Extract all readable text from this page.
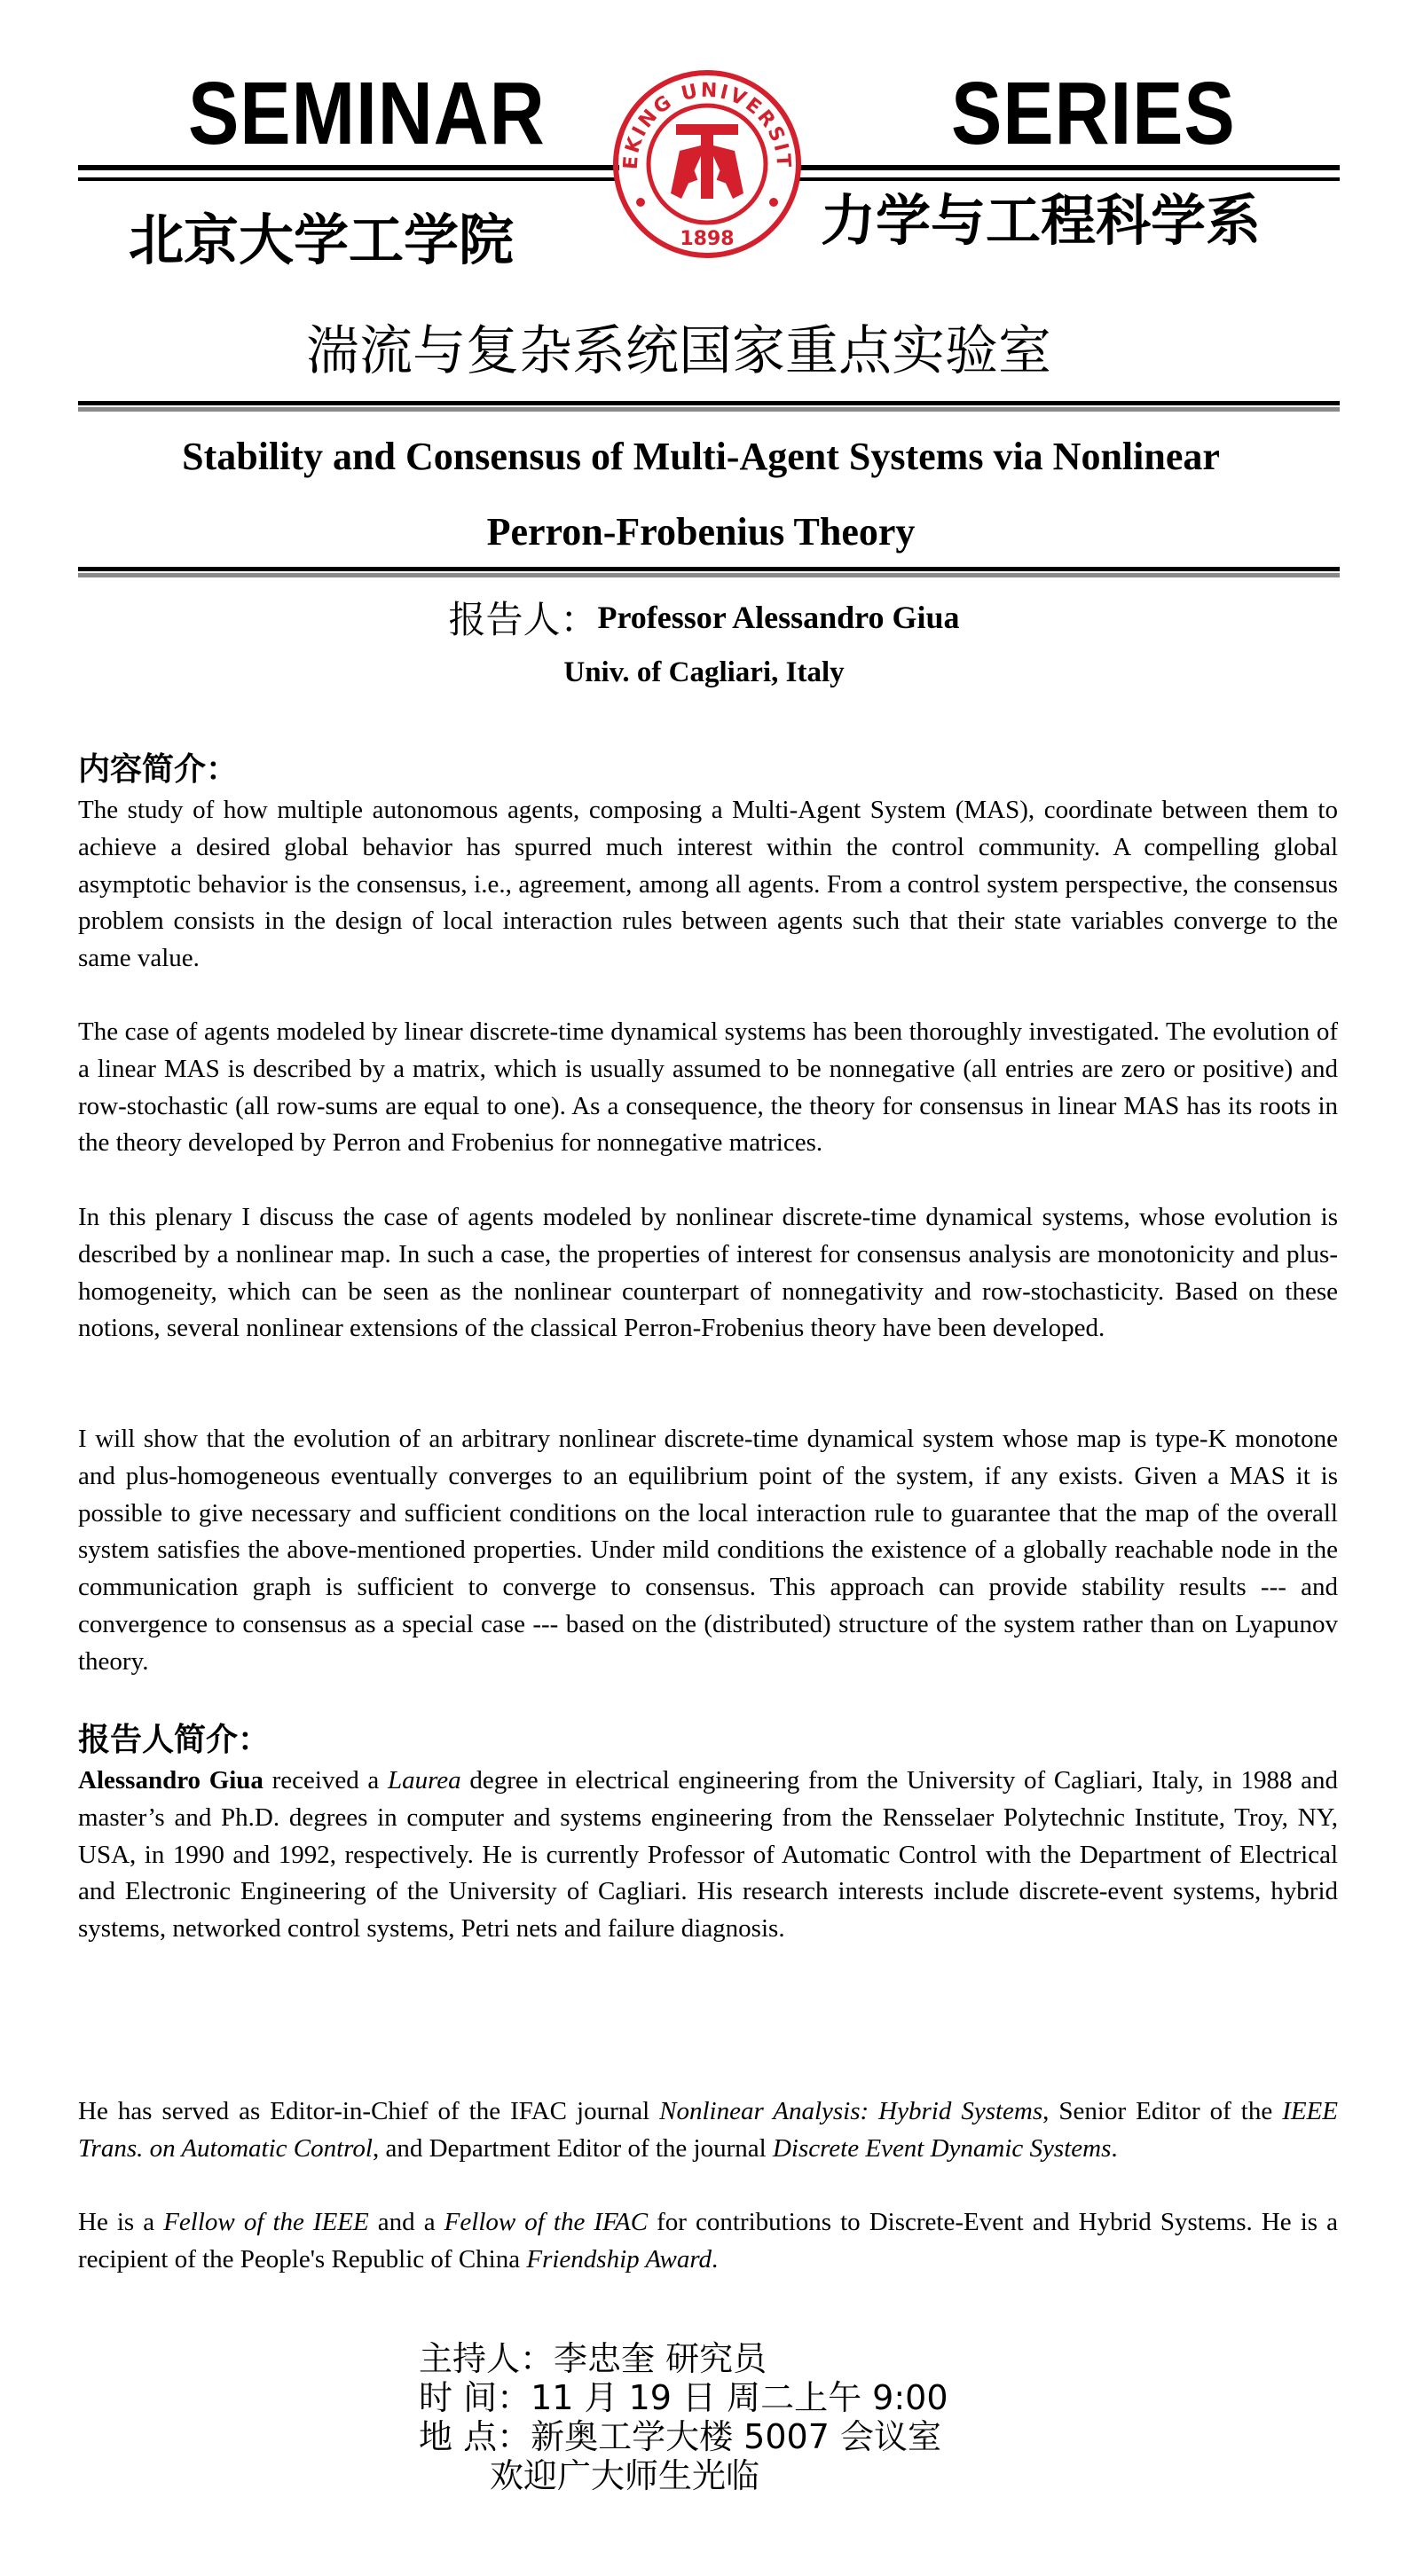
SEMINAR	SERIES
EKING UNIVERSIT
1898
北京大学工学院	力学与工程科学系
湍流与复杂系统国家重点实验室
Stability and Consensus of Multi-Agent Systems via Nonlinear
Perron-Frobenius Theory
报告人：Professor Alessandro Giua
Univ. of Cagliari, Italy
内容简介：
The study of how multiple autonomous agents, composing a Multi-Agent System (MAS), coordinate between them to achieve a desired global behavior has spurred much interest within the control community. A compelling global asymptotic behavior is the consensus, i.e., agreement, among all agents. From a control system perspective, the consensus problem consists in the design of local interaction rules between agents such that their state variables converge to the same value.
The case of agents modeled by linear discrete-time dynamical systems has been thoroughly investigated. The evolution of a linear MAS is described by a matrix, which is usually assumed to be nonnegative (all entries are zero or positive) and row-stochastic (all row-sums are equal to one). As a consequence, the theory for consensus in linear MAS has its roots in the theory developed by Perron and Frobenius for nonnegative matrices.
In this plenary I discuss the case of agents modeled by nonlinear discrete-time dynamical systems, whose evolution is described by a nonlinear map. In such a case, the properties of interest for consensus analysis are monotonicity and plus-homogeneity, which can be seen as the nonlinear counterpart of nonnegativity and row-stochasticity. Based on these notions, several nonlinear extensions of the classical Perron-Frobenius theory have been developed.
I will show that the evolution of an arbitrary nonlinear discrete-time dynamical system whose map is type-K monotone and plus-homogeneous eventually converges to an equilibrium point of the system, if any exists. Given a MAS it is possible to give necessary and sufficient conditions on the local interaction rule to guarantee that the map of the overall system satisfies the above-mentioned properties. Under mild conditions the existence of a globally reachable node in the communication graph is sufficient to converge to consensus. This approach can provide stability results --- and convergence to consensus as a special case --- based on the (distributed) structure of the system rather than on Lyapunov theory.
报告人简介：
Alessandro Giua received a Laurea degree in electrical engineering from the University of Cagliari, Italy, in 1988 and master’s and Ph.D. degrees in computer and systems engineering from the Rensselaer Polytechnic Institute, Troy, NY, USA, in 1990 and 1992, respectively. He is currently Professor of Automatic Control with the Department of Electrical and Electronic Engineering of the University of Cagliari. His research interests include discrete-event systems, hybrid systems, networked control systems, Petri nets and failure diagnosis.
He has served as Editor-in-Chief of the IFAC journal Nonlinear Analysis: Hybrid Systems, Senior Editor of the IEEE Trans. on Automatic Control, and Department Editor of the journal Discrete Event Dynamic Systems.
He is a Fellow of the IEEE and a Fellow of the IFAC for contributions to Discrete-Event and Hybrid Systems. He is a recipient of the People's Republic of China Friendship Award.
主持人：李忠奎 研究员
时 间：11 月 19 日 周二上午 9:00
地 点：新奥工学大楼 5007 会议室
欢迎广大师生光临
